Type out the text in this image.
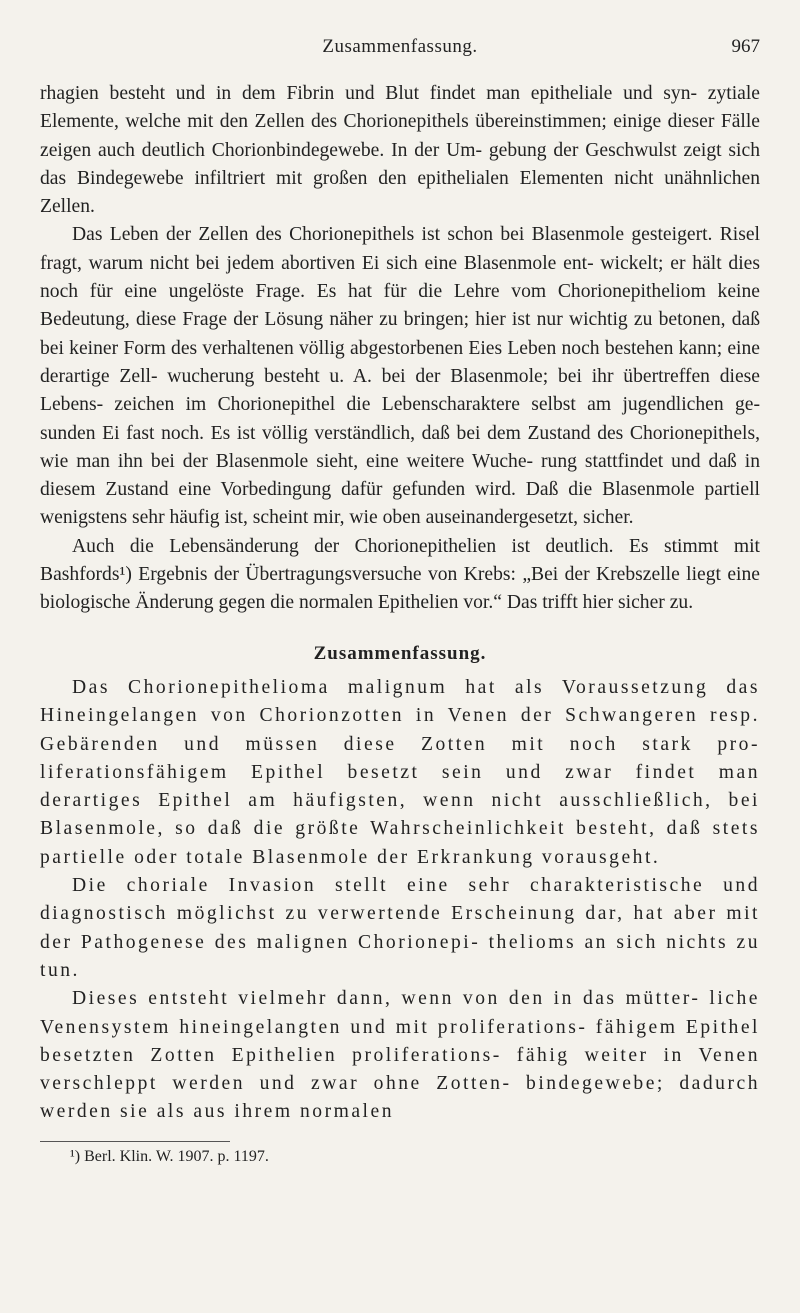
Zusammenfassung.	967

rhagien besteht und in dem Fibrin und Blut findet man epitheliale und syn- zytiale Elemente, welche mit den Zellen des Chorionepithels übereinstimmen; einige dieser Fälle zeigen auch deutlich Chorionbindegewebe. In der Um- gebung der Geschwulst zeigt sich das Bindegewebe infiltriert mit großen den epithelialen Elementen nicht unähnlichen Zellen.

Das Leben der Zellen des Chorionepithels ist schon bei Blasenmole gesteigert. Risel fragt, warum nicht bei jedem abortiven Ei sich eine Blasenmole ent- wickelt; er hält dies noch für eine ungelöste Frage. Es hat für die Lehre vom Chorionepitheliom keine Bedeutung, diese Frage der Lösung näher zu bringen; hier ist nur wichtig zu betonen, daß bei keiner Form des verhaltenen völlig abgestorbenen Eies Leben noch bestehen kann; eine derartige Zell- wucherung besteht u. A. bei der Blasenmole; bei ihr übertreffen diese Lebens- zeichen im Chorionepithel die Lebenscharaktere selbst am jugendlichen ge- sunden Ei fast noch. Es ist völlig verständlich, daß bei dem Zustand des Chorionepithels, wie man ihn bei der Blasenmole sieht, eine weitere Wuche- rung stattfindet und daß in diesem Zustand eine Vorbedingung dafür gefunden wird. Daß die Blasenmole partiell wenigstens sehr häufig ist, scheint mir, wie oben auseinandergesetzt, sicher.

Auch die Lebensänderung der Chorionepithelien ist deutlich. Es stimmt mit Bashfords¹) Ergebnis der Übertragungsversuche von Krebs: „Bei der Krebszelle liegt eine biologische Änderung gegen die normalen Epithelien vor.“ Das trifft hier sicher zu.

Zusammenfassung.

Das Chorionepithelioma malignum hat als Voraussetzung das Hineingelangen von Chorionzotten in Venen der Schwangeren resp. Gebärenden und müssen diese Zotten mit noch stark pro- liferationsfähigem Epithel besetzt sein und zwar findet man derartiges Epithel am häufigsten, wenn nicht ausschließlich, bei Blasenmole, so daß die größte Wahrscheinlichkeit besteht, daß stets partielle oder totale Blasenmole der Erkrankung vorausgeht.

Die choriale Invasion stellt eine sehr charakteristische und diagnostisch möglichst zu verwertende Erscheinung dar, hat aber mit der Pathogenese des malignen Chorionepi- thelioms an sich nichts zu tun.

Dieses entsteht vielmehr dann, wenn von den in das mütter- liche Venensystem hineingelangten und mit proliferations- fähigem Epithel besetzten Zotten Epithelien proliferations- fähig weiter in Venen verschleppt werden und zwar ohne Zotten- bindegewebe; dadurch werden sie als aus ihrem normalen

¹) Berl. Klin. W. 1907. p. 1197.
